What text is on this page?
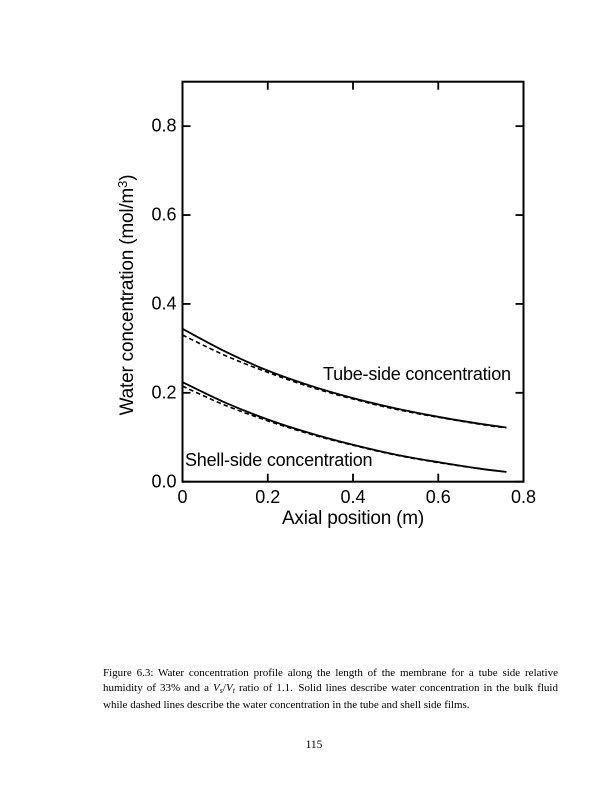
Axial position (m)
Water concentration $(mol/m^3)$
Tube-side concentration
Shell-side concentration
Figure 6.3: Water concentration profile along the length of the membrane for a tube side relative humidity of 33% and a $V_s/V_t$ ratio of 1.1. Solid lines describe water concentration in the bulk fluid while dashed lines describe the water concentration in the tube and shell side films.
115
0	0.2	0.4	0.6	0.8
0.0
0.2
0.4
0.6
0.8
